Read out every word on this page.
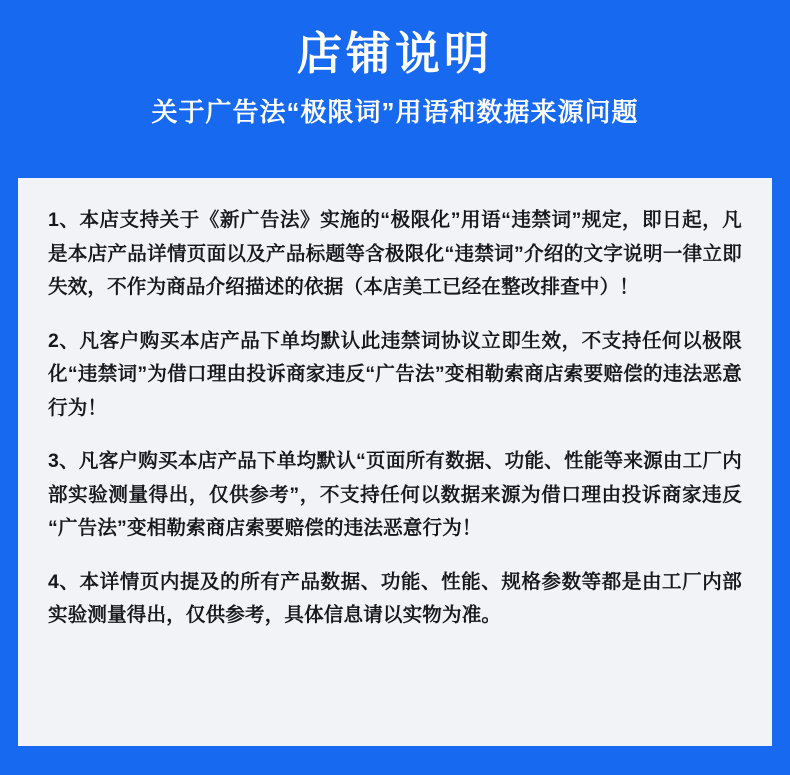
店铺说明
关于广告法“极限词”用语和数据来源问题

1、本店支持关于《新广告法》实施的“极限化”用语“违禁词”规定，即日起，凡是本店产品详情页面以及产品标题等含极限化“违禁词”介绍的文字说明一律立即失效，不作为商品介绍描述的依据（本店美工已经在整改排查中）！

2、凡客户购买本店产品下单均默认此违禁词协议立即生效，不支持任何以极限化“违禁词”为借口理由投诉商家违反“广告法”变相勒索商店索要赔偿的违法恶意行为！

3、凡客户购买本店产品下单均默认“页面所有数据、功能、性能等来源由工厂内部实验测量得出，仅供参考”，不支持任何以数据来源为借口理由投诉商家违反“广告法”变相勒索商店索要赔偿的违法恶意行为！

4、本详情页内提及的所有产品数据、功能、性能、规格参数等都是由工厂内部实验测量得出，仅供参考，具体信息请以实物为准。
